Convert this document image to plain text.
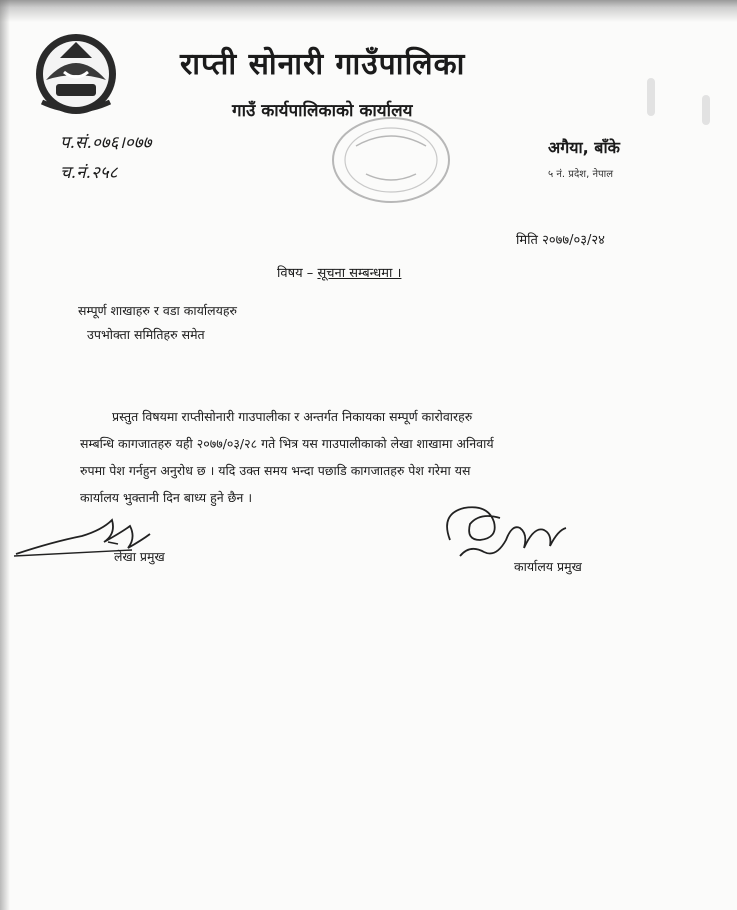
राप्ती सोनारी गाउँपालिका
गाउँ कार्यपालिकाको कार्यालय
प.सं.०७६।०७७
च.नं.२५८
अगैया, बाँके
५ नं. प्रदेश, नेपाल
मिति २०७७/०३/२४
विषय – सूचना सम्बन्धमा ।
सम्पूर्ण शाखाहरु र वडा कार्यालयहरु
उपभोक्ता समितिहरु समेत
प्रस्तुत विषयमा राप्तीसोनारी गाउपालीका र अन्तर्गत निकायका सम्पूर्ण कारोवारहरु
सम्बन्धि कागजातहरु यही २०७७/०३/२८ गते भित्र यस गाउपालीकाको लेखा शाखामा अनिवार्य
रुपमा पेश गर्नहुन अनुरोध छ । यदि उक्त समय भन्दा पछाडि कागजातहरु पेश गरेमा यस
कार्यालय भुक्तानी दिन बाध्य हुने छैन ।
लेखा प्रमुख
कार्यालय प्रमुख
